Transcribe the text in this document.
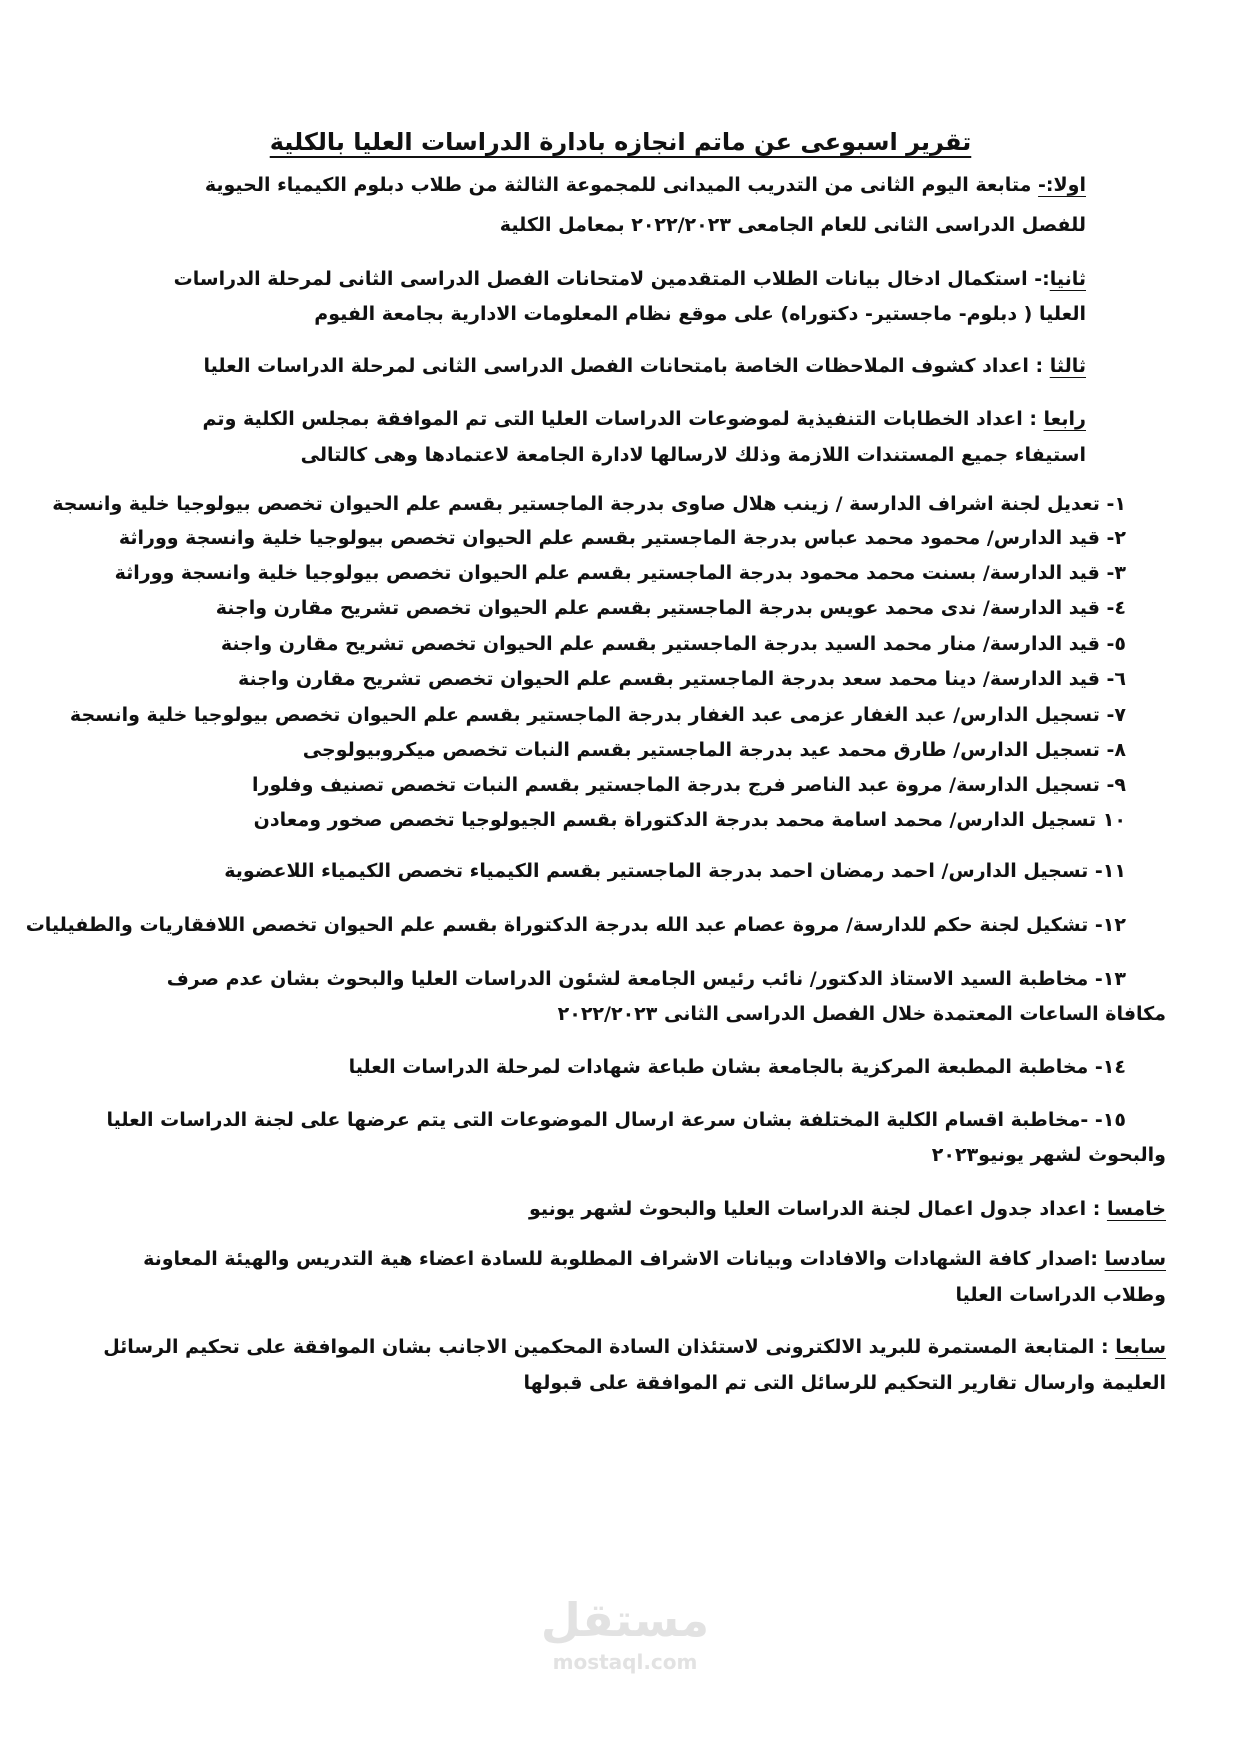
تقرير اسبوعى عن ماتم انجازه بادارة الدراسات العليا بالكلية
اولا:- متابعة اليوم الثانى من التدريب الميدانى للمجموعة الثالثة من طلاب دبلوم الكيمياء الحيوية
للفصل الدراسى الثانى للعام الجامعى ٢٠٢٢/٢٠٢٣ بمعامل الكلية
ثانيا:- استكمال ادخال بيانات الطلاب المتقدمين لامتحانات الفصل الدراسى الثانى لمرحلة الدراسات
العليا ( دبلوم- ماجستير- دكتوراه) على موقع نظام المعلومات الادارية بجامعة الفيوم
ثالثا : اعداد كشوف الملاحظات الخاصة بامتحانات الفصل الدراسى الثانى لمرحلة الدراسات العليا
رابعا : اعداد الخطابات التنفيذية لموضوعات الدراسات العليا التى تم الموافقة بمجلس الكلية وتم
استيفاء جميع المستندات اللازمة وذلك لارسالها لادارة الجامعة لاعتمادها وهى كالتالى
١- تعديل لجنة اشراف الدارسة / زينب هلال صاوى بدرجة الماجستير بقسم علم الحيوان تخصص بيولوجيا خلية وانسجة
٢- قيد الدارس/ محمود محمد عباس بدرجة الماجستير بقسم علم الحيوان تخصص بيولوجيا خلية وانسجة ووراثة
٣- قيد الدارسة/ بسنت محمد محمود بدرجة الماجستير بقسم علم الحيوان تخصص بيولوجيا خلية وانسجة ووراثة
٤- قيد الدارسة/ ندى محمد عويس بدرجة الماجستير بقسم علم الحيوان تخصص تشريح مقارن واجنة
٥- قيد الدارسة/ منار محمد السيد بدرجة الماجستير بقسم علم الحيوان تخصص تشريح مقارن واجنة
٦- قيد الدارسة/ دينا محمد سعد بدرجة الماجستير بقسم علم الحيوان تخصص تشريح مقارن واجنة
٧- تسجيل الدارس/ عبد الغفار عزمى عبد الغفار بدرجة الماجستير بقسم علم الحيوان تخصص بيولوجيا خلية وانسجة
٨- تسجيل الدارس/ طارق محمد عيد بدرجة الماجستير بقسم النبات تخصص ميكروبيولوجى
٩- تسجيل الدارسة/ مروة عبد الناصر فرج بدرجة الماجستير بقسم النبات تخصص تصنيف وفلورا
١٠ تسجيل الدارس/ محمد اسامة محمد بدرجة الدكتوراة بقسم الجيولوجيا تخصص صخور ومعادن
١١- تسجيل الدارس/ احمد رمضان احمد بدرجة الماجستير بقسم الكيمياء تخصص الكيمياء اللاعضوية
١٢- تشكيل لجنة حكم للدارسة/ مروة عصام عبد الله بدرجة الدكتوراة بقسم علم الحيوان تخصص اللافقاريات والطفيليات
١٣- مخاطبة السيد الاستاذ الدكتور/ نائب رئيس الجامعة لشئون الدراسات العليا والبحوث بشان عدم صرف
مكافاة الساعات المعتمدة خلال الفصل الدراسى الثانى ٢٠٢٢/٢٠٢٣
١٤- مخاطبة المطبعة المركزية بالجامعة بشان طباعة شهادات لمرحلة الدراسات العليا
١٥- -مخاطبة اقسام الكلية المختلفة بشان سرعة ارسال الموضوعات التى يتم عرضها على لجنة الدراسات العليا
والبحوث لشهر يونيو٢٠٢٣
خامسا : اعداد جدول اعمال لجنة الدراسات العليا والبحوث لشهر يونيو
سادسا :اصدار كافة الشهادات والافادات وبيانات الاشراف المطلوبة للسادة اعضاء هية التدريس والهيئة المعاونة
وطلاب الدراسات العليا
سابعا : المتابعة المستمرة للبريد الالكترونى لاستئذان السادة المحكمين الاجانب بشان الموافقة على تحكيم الرسائل
العليمة وارسال تقارير التحكيم للرسائل التى تم الموافقة على قبولها
مستقل
mostaql.com
